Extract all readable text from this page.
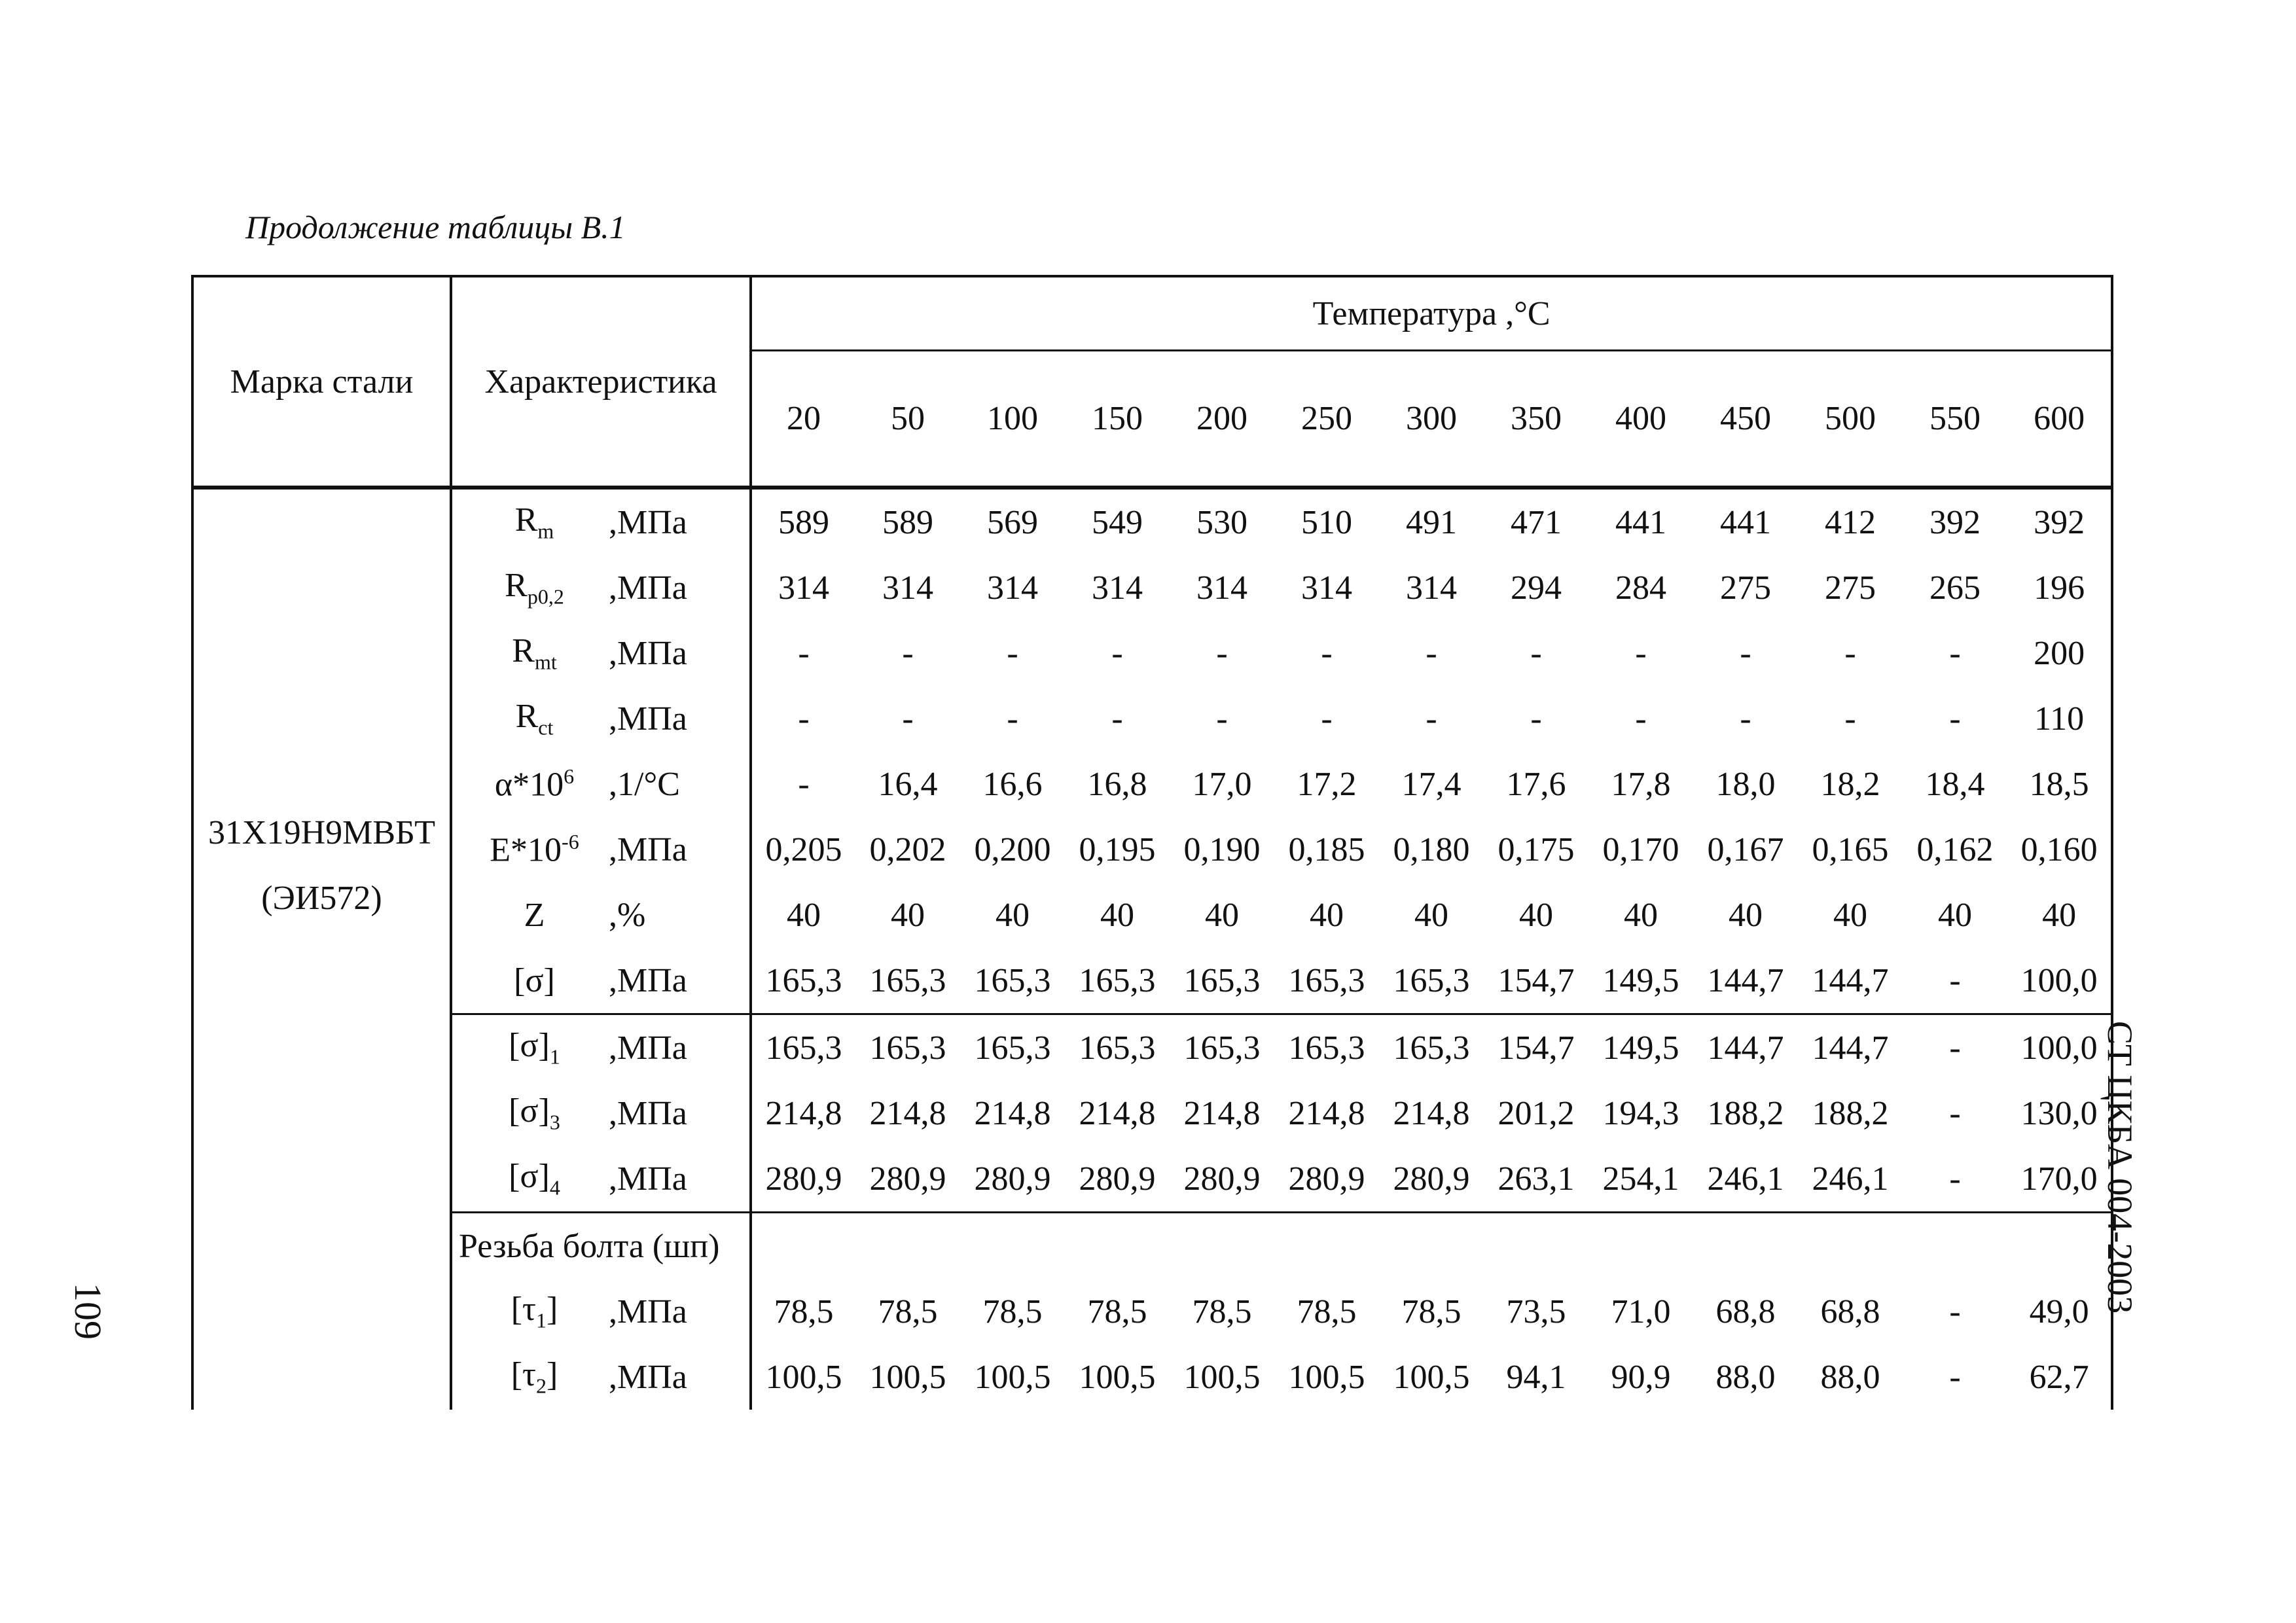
Продолжение таблицы В.1

Марка стали	Характеристика		Температура ,°С												
			20	50	100	150	200	250	300	350	400	450	500	550	600

31Х19Н9МВБТ
(ЭИ572)	$R_m$	,МПа	589	589	569	549	530	510	491	471	441	441	412	392	392
	$R_{p0,2}$	,МПа	314	314	314	314	314	314	314	294	284	275	275	265	196
	$R_{mt}$	,МПа	-	-	-	-	-	-	-	-	-	-	-	-	200
	$R_{ct}$	,МПа	-	-	-	-	-	-	-	-	-	-	-	-	110
	$\alpha*10^6$	,1/°С	-	16,4	16,6	16,8	17,0	17,2	17,4	17,6	17,8	18,0	18,2	18,4	18,5
	$E*10^{-6}$	,МПа	0,205	0,202	0,200	0,195	0,190	0,185	0,180	0,175	0,170	0,167	0,165	0,162	0,160
	Z	,%	40	40	40	40	40	40	40	40	40	40	40	40	40
	[σ]	,МПа	165,3	165,3	165,3	165,3	165,3	165,3	165,3	154,7	149,5	144,7	144,7	-	100,0
	$[\sigma]_1$	,МПа	165,3	165,3	165,3	165,3	165,3	165,3	165,3	154,7	149,5	144,7	144,7	-	100,0
	$[\sigma]_3$	,МПа	214,8	214,8	214,8	214,8	214,8	214,8	214,8	201,2	194,3	188,2	188,2	-	130,0
	$[\sigma]_4$	,МПа	280,9	280,9	280,9	280,9	280,9	280,9	280,9	263,1	254,1	246,1	246,1	-	170,0
	Резьба болта (шп)														
	$[\tau_1]$	,МПа	78,5	78,5	78,5	78,5	78,5	78,5	78,5	73,5	71,0	68,8	68,8	-	49,0
	$[\tau_2]$	,МПа	100,5	100,5	100,5	100,5	100,5	100,5	100,5	94,1	90,9	88,0	88,0	-	62,7

СТ ЦКБА 004-2003

109
